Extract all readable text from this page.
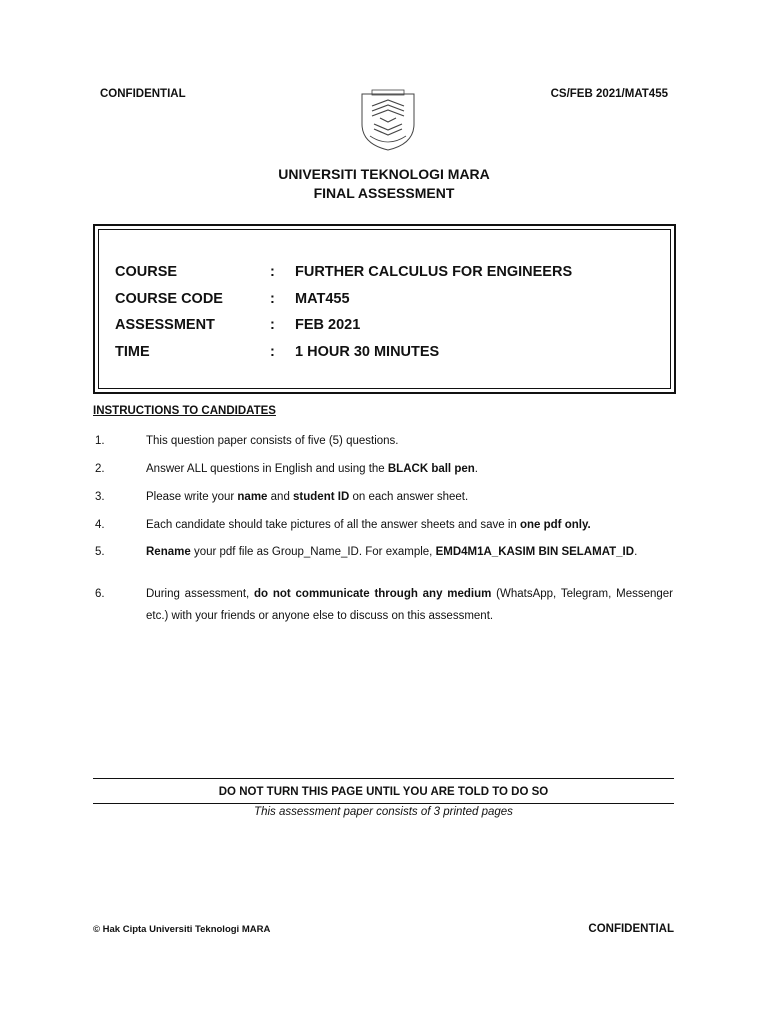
CONFIDENTIAL	CS/FEB 2021/MAT455
UNIVERSITI TEKNOLOGI MARA
FINAL ASSESSMENT
COURSE	: FURTHER CALCULUS FOR ENGINEERS
COURSE CODE	: MAT455
ASSESSMENT	: FEB 2021
TIME	: 1 HOUR 30 MINUTES
INSTRUCTIONS TO CANDIDATES
1.	This question paper consists of five (5) questions.
2.	Answer ALL questions in English and using the BLACK ball pen.
3.	Please write your name and student ID on each answer sheet.
4.	Each candidate should take pictures of all the answer sheets and save in one pdf only.
5.	Rename your pdf file as Group_Name_ID. For example, EMD4M1A_KASIM BIN SELAMAT_ID.
6.	During assessment, do not communicate through any medium (WhatsApp, Telegram, Messenger etc.) with your friends or anyone else to discuss on this assessment.
DO NOT TURN THIS PAGE UNTIL YOU ARE TOLD TO DO SO
This assessment paper consists of 3 printed pages
© Hak Cipta Universiti Teknologi MARA	CONFIDENTIAL
